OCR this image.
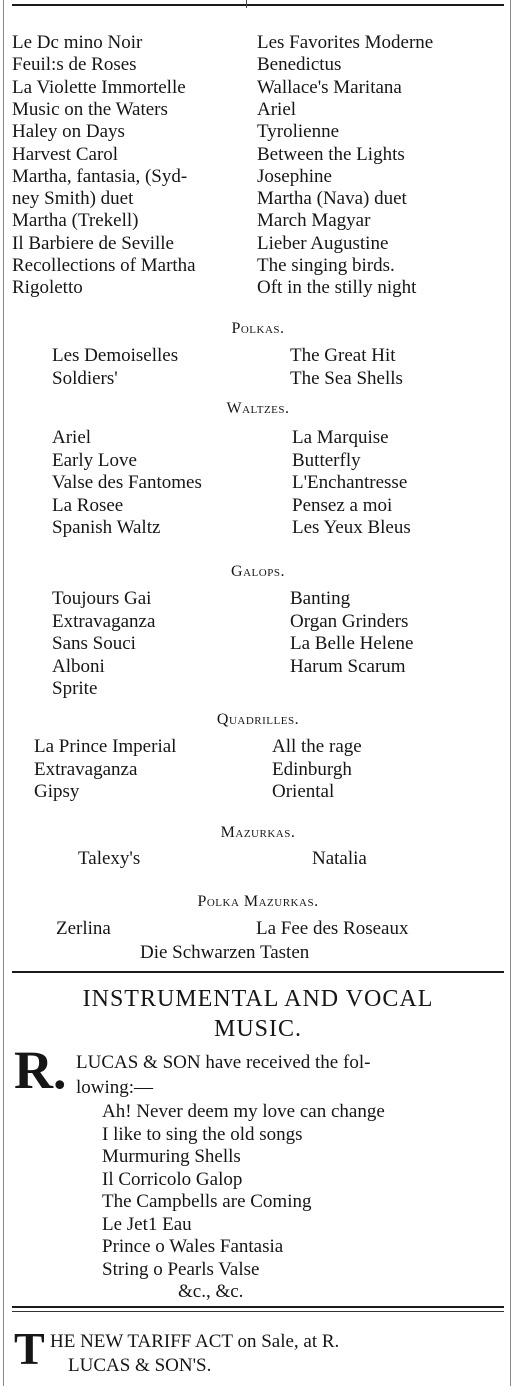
Le Dc mino Noir
Feuil:s de Roses
La Violette Immortelle
Music on the Waters
Haley on Days
Harvest Carol
Martha, fantasia, (Syd-
ney Smith) duet
Martha (Trekell)
Il Barbiere de Seville
Recollections of Martha
Rigoletto
Les Favorites Moderne
Benedictus
Wallace's Maritana
Ariel
Tyrolienne
Between the Lights
Josephine
Martha (Nava) duet
March Magyar
Lieber Augustine
The singing birds.
Oft in the stilly night
Polkas.
Les Demoiselles
Soldiers'
The Great Hit
The Sea Shells
Waltzes.
Ariel
Early Love
Valse des Fantomes
La Rosee
Spanish Waltz
La Marquise
Butterfly
L'Enchantresse
Pensez a moi
Les Yeux Bleus
Galops.
Toujours Gai
Extravaganza
Sans Souci
Alboni
Sprite
Banting
Organ Grinders
La Belle Helene
Harum Scarum
Quadrilles.
La Prince Imperial
Extravaganza
Gipsy
All the rage
Edinburgh
Oriental
Mazurkas.
Talexy's	Natalia
Polka Mazurkas.
Zerlina	La Fee des Roseaux
Die Schwarzen Tasten
INSTRUMENTAL AND VOCAL
MUSIC.
R. LUCAS & SON have received the fol-
lowing:—
Ah! Never deem my love can change
I like to sing the old songs
Murmuring Shells
Il Corricolo Galop
The Campbells are Coming
Le Jet1 Eau
Prince o Wales Fantasia
String o Pearls Valse
&c., &c.
T HE NEW TARIFF ACT on Sale, at R.
LUCAS & SON'S.
